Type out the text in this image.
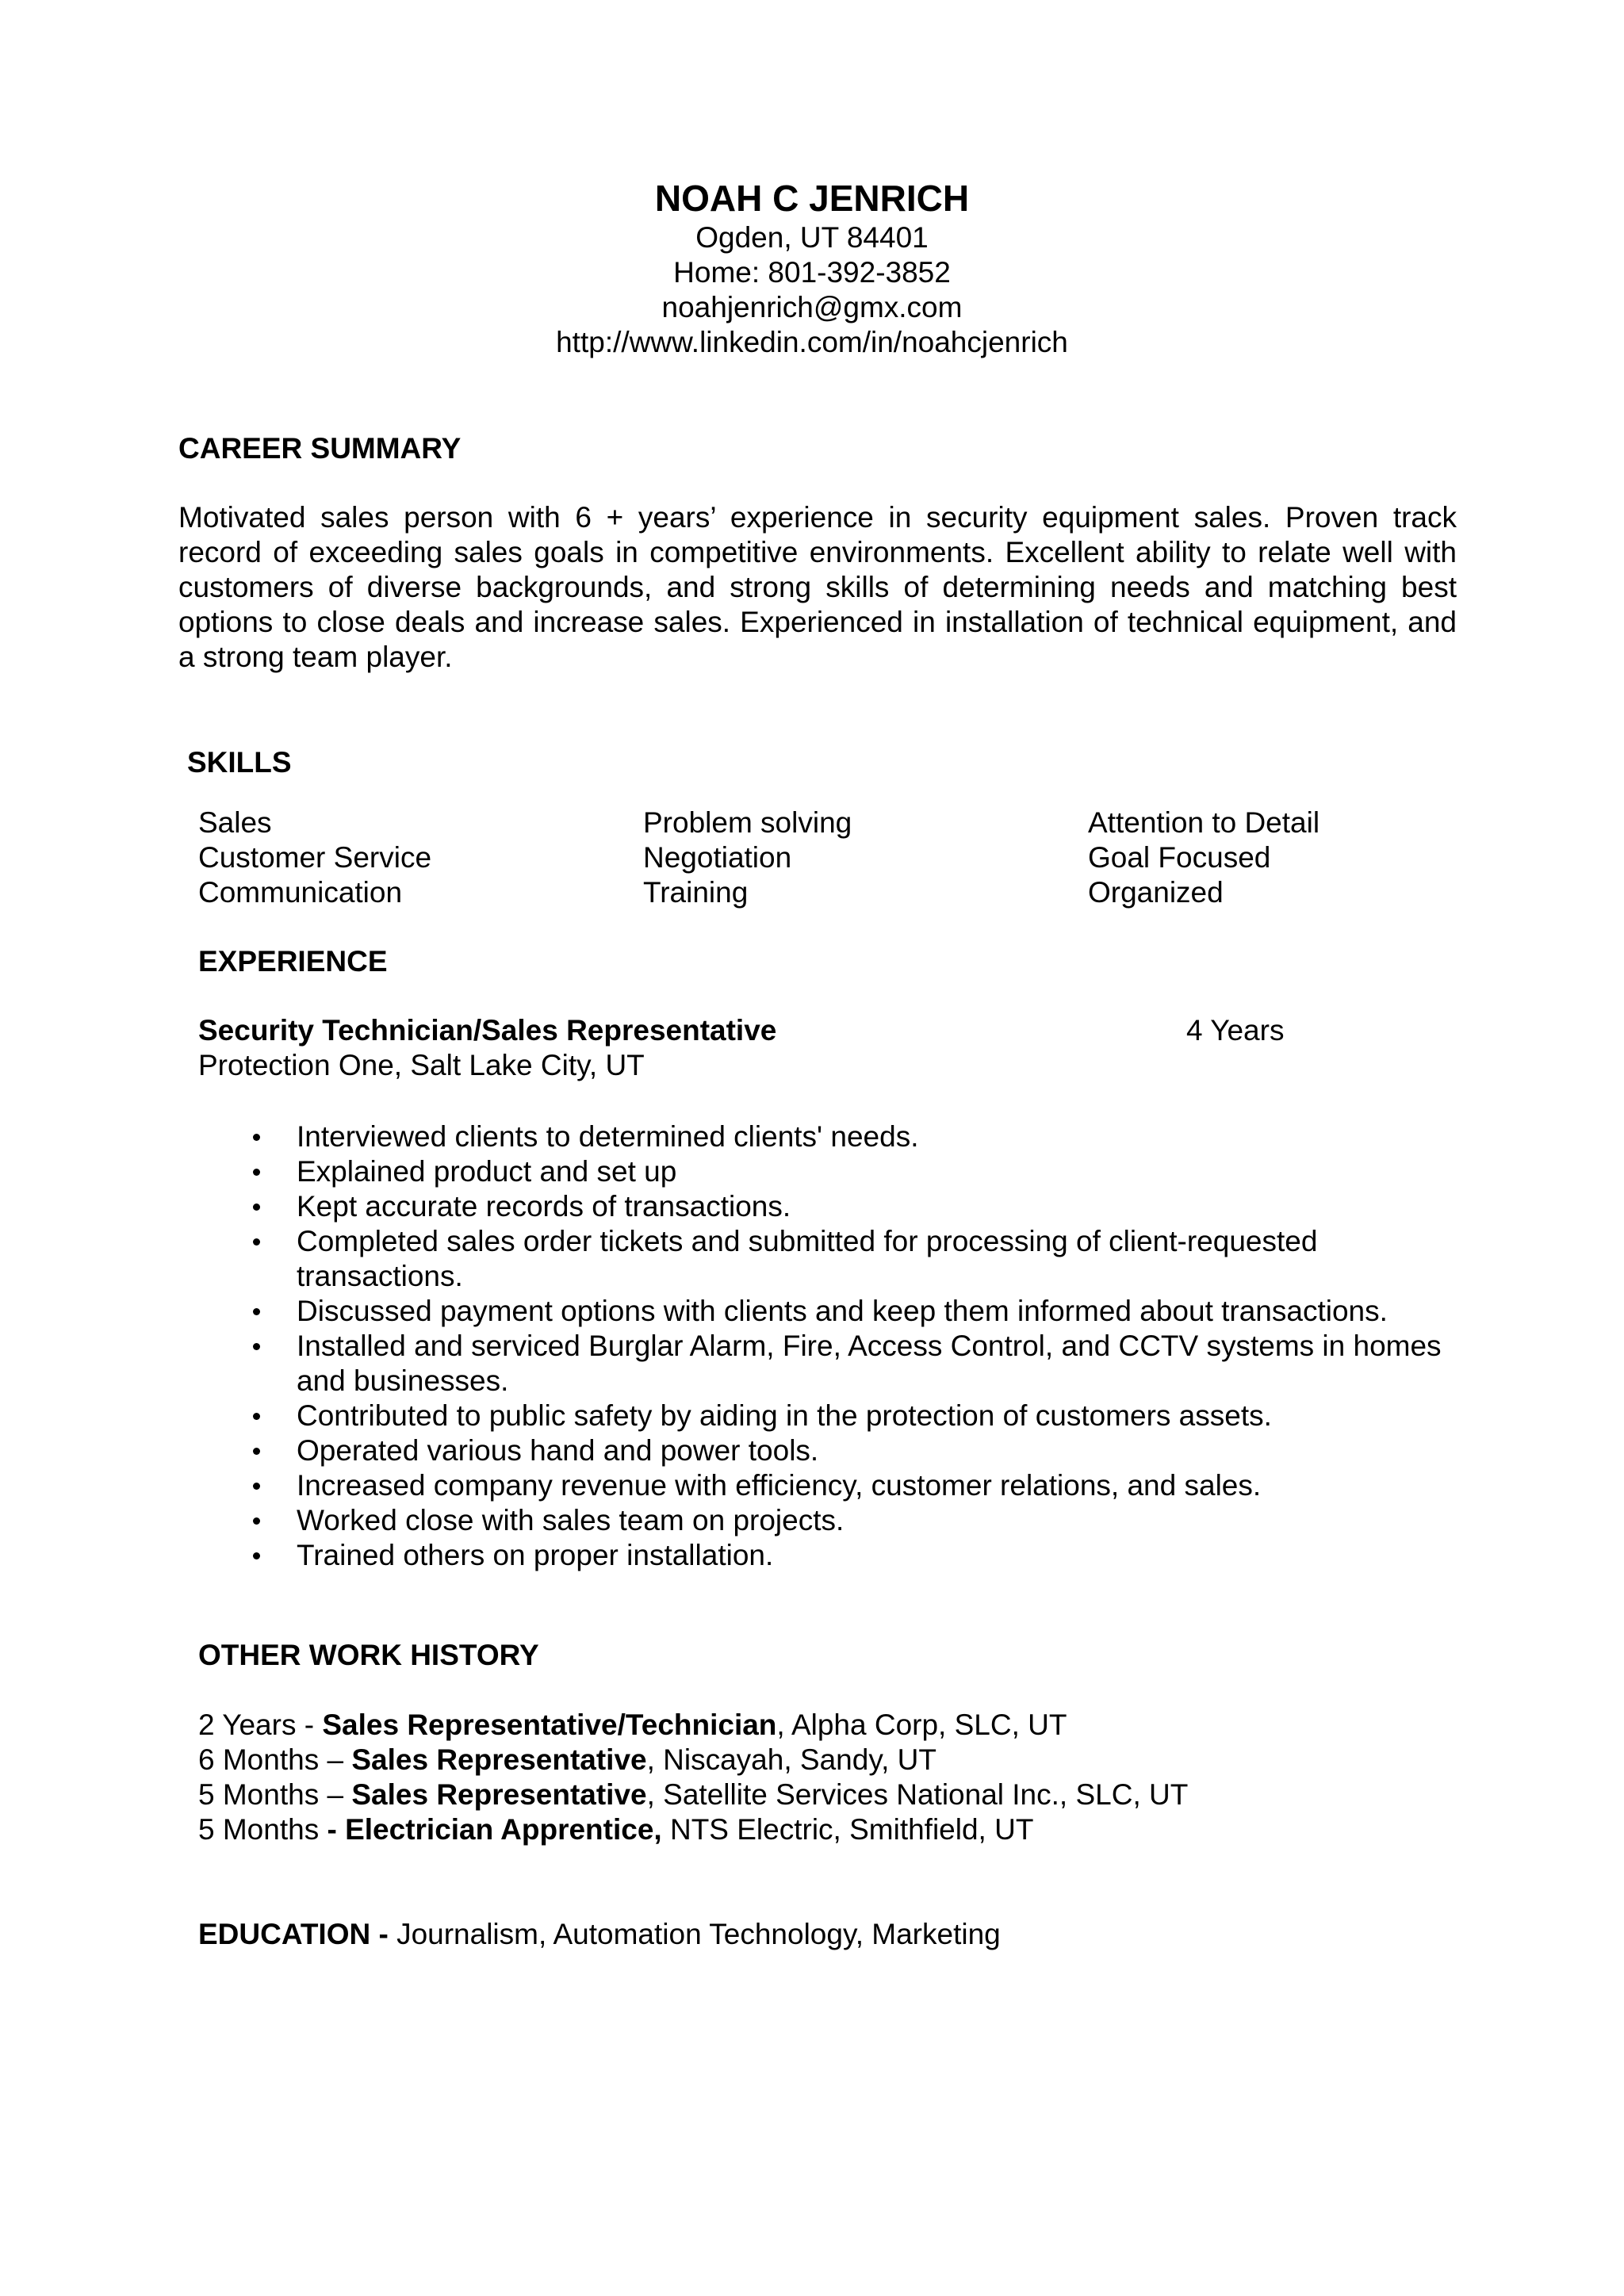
NOAH C JENRICH
Ogden, UT 84401
Home: 801-392-3852
noahjenrich@gmx.com
http://www.linkedin.com/in/noahcjenrich
CAREER SUMMARY
Motivated sales person with 6 + years’ experience in security equipment sales. Proven track record of exceeding sales goals in competitive environments. Excellent ability to relate well with customers of diverse backgrounds, and strong skills of determining needs and matching best options to close deals and increase sales. Experienced in installation of technical equipment, and a strong team player.
SKILLS
Sales
Customer Service
Communication
Problem solving
Negotiation
Training
Attention to Detail
Goal Focused
Organized
EXPERIENCE
Security Technician/Sales Representative	4 Years
Protection One, Salt Lake City, UT
Interviewed clients to determined clients' needs.
Explained product and set up
Kept accurate records of transactions.
Completed sales order tickets and submitted for processing of client-requested transactions.
Discussed payment options with clients and keep them informed about transactions.
Installed and serviced Burglar Alarm, Fire, Access Control, and CCTV systems in homes and businesses.
Contributed to public safety by aiding in the protection of customers assets.
Operated various hand and power tools.
Increased company revenue with efficiency, customer relations, and sales.
Worked close with sales team on projects.
Trained others on proper installation.
OTHER WORK HISTORY
2 Years - Sales Representative/Technician, Alpha Corp, SLC, UT
6 Months – Sales Representative, Niscayah, Sandy, UT
5 Months – Sales Representative, Satellite Services National Inc., SLC, UT
5 Months - Electrician Apprentice, NTS Electric, Smithfield, UT
EDUCATION - Journalism, Automation Technology, Marketing
